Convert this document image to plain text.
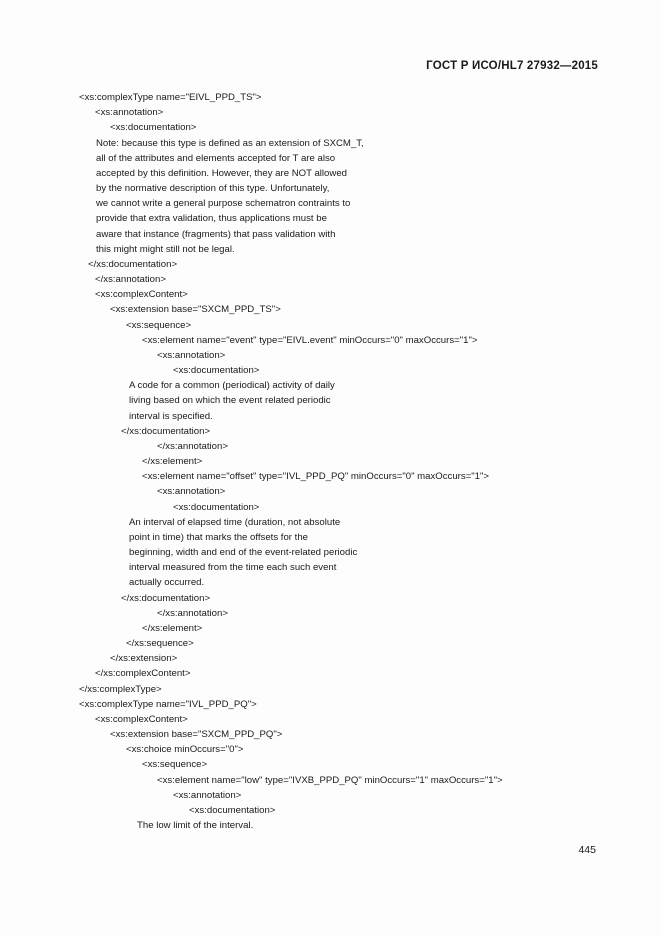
ГОСТ Р ИСО/HL7 27932—2015
<xs:complexType name="EIVL_PPD_TS">
<xs:annotation>
<xs:documentation>
Note: because this type is defined as an extension of SXCM_T,
all of the attributes and elements accepted for T are also
accepted by this definition. However, they are NOT allowed
by the normative description of this type. Unfortunately,
we cannot write a general purpose schematron contraints to
provide that extra validation, thus applications must be
aware that instance (fragments) that pass validation with
this might might still not be legal.
</xs:documentation>
</xs:annotation>
<xs:complexContent>
<xs:extension base="SXCM_PPD_TS">
<xs:sequence>
<xs:element name="event" type="EIVL.event" minOccurs="0" maxOccurs="1">
<xs:annotation>
<xs:documentation>
A code for a common (periodical) activity of daily
living based on which the event related periodic
interval is specified.
</xs:documentation>
</xs:annotation>
</xs:element>
<xs:element name="offset" type="IVL_PPD_PQ" minOccurs="0" maxOccurs="1">
<xs:annotation>
<xs:documentation>
An interval of elapsed time (duration, not absolute
point in time) that marks the offsets for the
beginning, width and end of the event-related periodic
interval measured from the time each such event
actually occurred.
</xs:documentation>
</xs:annotation>
</xs:element>
</xs:sequence>
</xs:extension>
</xs:complexContent>
</xs:complexType>
<xs:complexType name="IVL_PPD_PQ">
<xs:complexContent>
<xs:extension base="SXCM_PPD_PQ">
<xs:choice minOccurs="0">
<xs:sequence>
<xs:element name="low" type="IVXB_PPD_PQ" minOccurs="1" maxOccurs="1">
<xs:annotation>
<xs:documentation>
The low limit of the interval.
445
